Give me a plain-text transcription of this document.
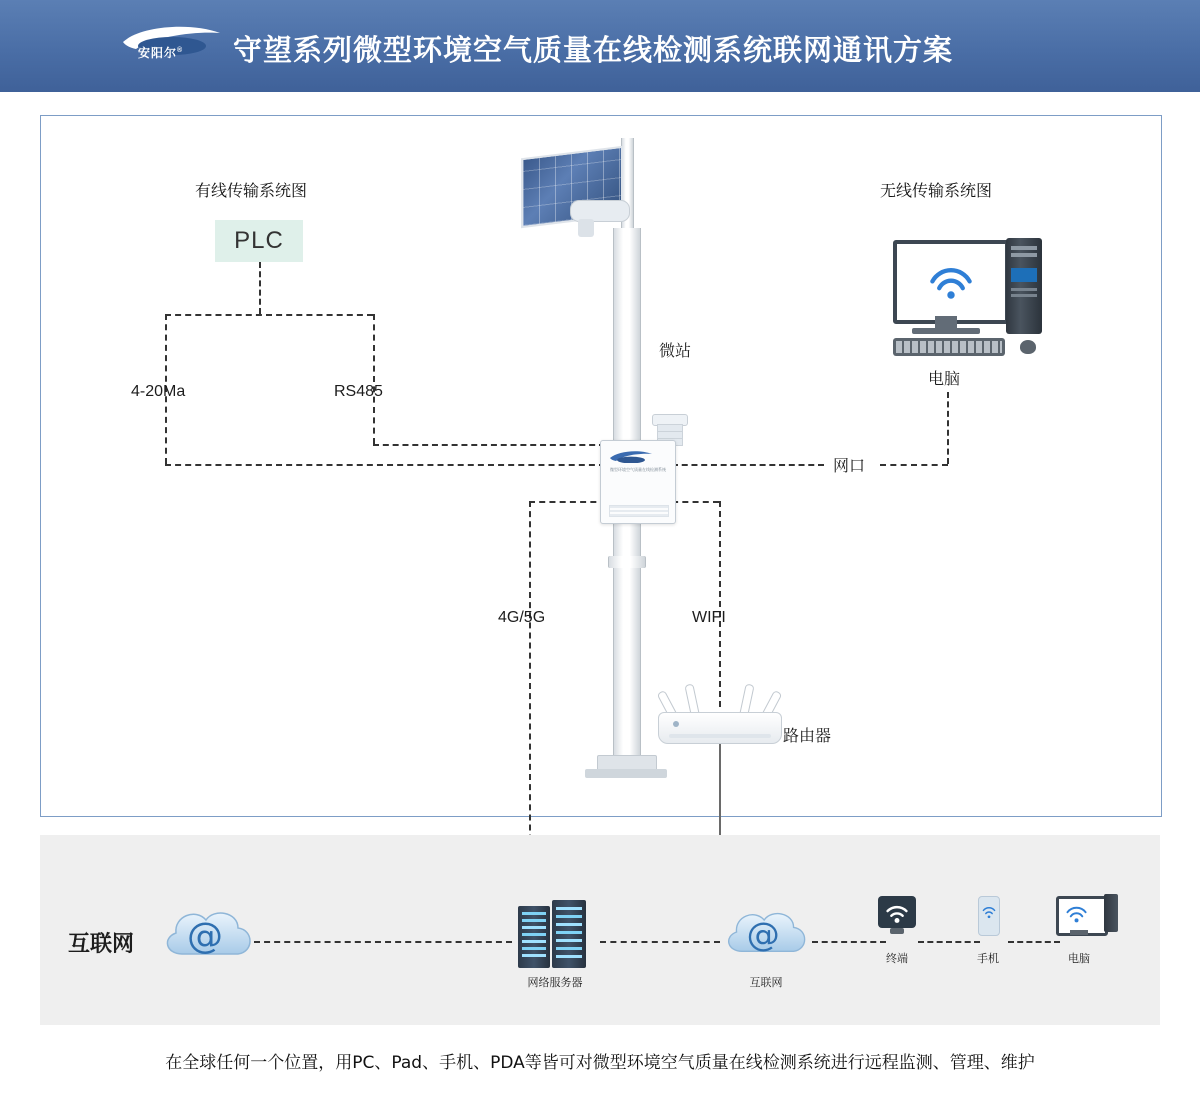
安阳尔® 守望系列微型环境空气质量在线检测系统联网通讯方案
有线传输系统图	无线传输系统图
PLC
4-20Ma	RS485
网口
4G/5G	WIFI
微型环境空气质量在线检测系统
微站
电脑
路由器
互联网 @
网络服务器
@
互联网
终端	手机	电脑
在全球任何一个位置，用PC、Pad、手机、PDA等皆可对微型环境空气质量在线检测系统进行远程监测、管理、维护
